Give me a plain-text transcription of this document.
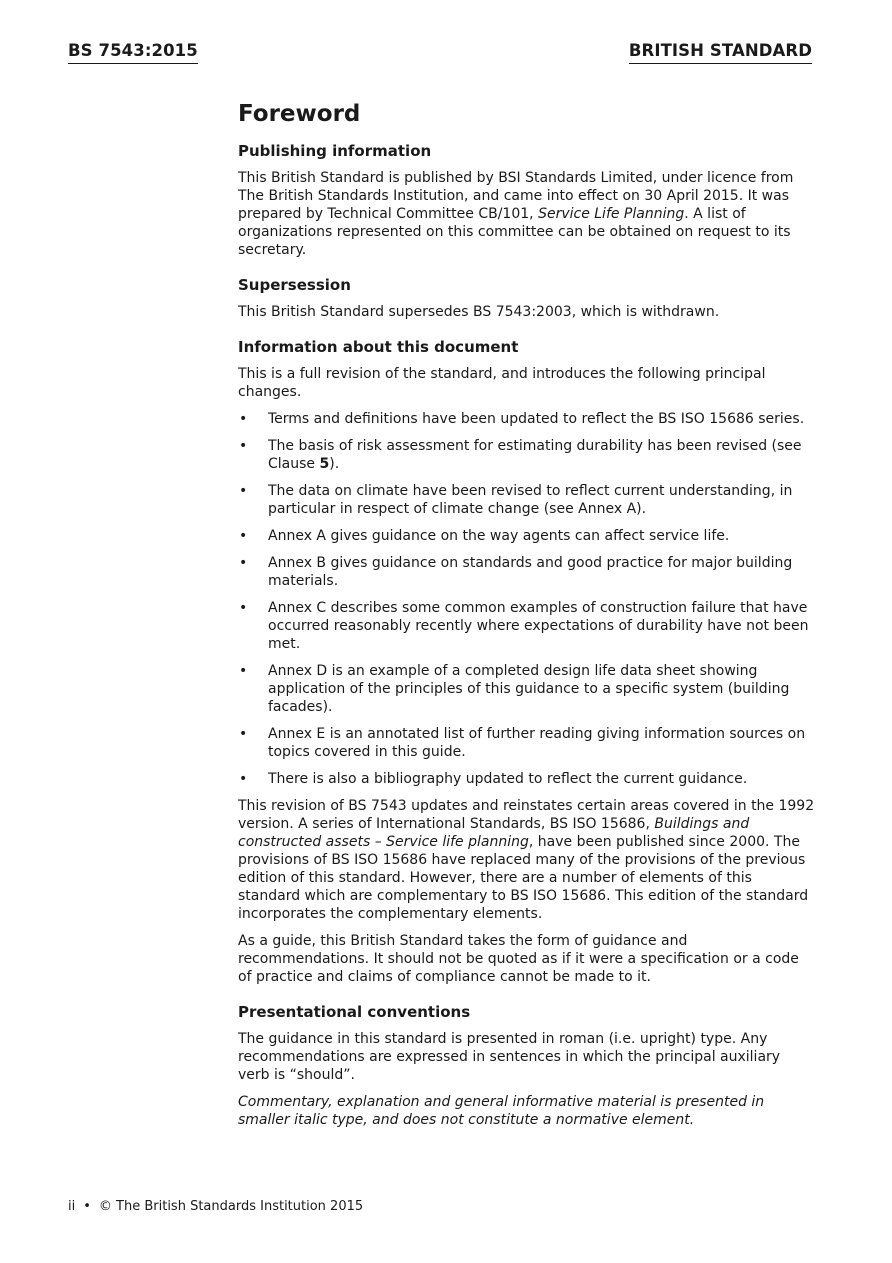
BS 7543:2015	BRITISH STANDARD
Foreword
Publishing information

This British Standard is published by BSI Standards Limited, under licence from The British Standards Institution, and came into effect on 30 April 2015. It was prepared by Technical Committee CB/101, Service Life Planning. A list of organizations represented on this committee can be obtained on request to its secretary.

Supersession

This British Standard supersedes BS 7543:2003, which is withdrawn.

Information about this document

This is a full revision of the standard, and introduces the following principal changes.

• Terms and definitions have been updated to reflect the BS ISO 15686 series.
• The basis of risk assessment for estimating durability has been revised (see Clause 5).
• The data on climate have been revised to reflect current understanding, in particular in respect of climate change (see Annex A).
• Annex A gives guidance on the way agents can affect service life.
• Annex B gives guidance on standards and good practice for major building materials.
• Annex C describes some common examples of construction failure that have occurred reasonably recently where expectations of durability have not been met.
• Annex D is an example of a completed design life data sheet showing application of the principles of this guidance to a specific system (building facades).
• Annex E is an annotated list of further reading giving information sources on topics covered in this guide.
• There is also a bibliography updated to reflect the current guidance.

This revision of BS 7543 updates and reinstates certain areas covered in the 1992 version. A series of International Standards, BS ISO 15686, Buildings and constructed assets – Service life planning, have been published since 2000. The provisions of BS ISO 15686 have replaced many of the provisions of the previous edition of this standard. However, there are a number of elements of this standard which are complementary to BS ISO 15686. This edition of the standard incorporates the complementary elements.

As a guide, this British Standard takes the form of guidance and recommendations. It should not be quoted as if it were a specification or a code of practice and claims of compliance cannot be made to it.

Presentational conventions

The guidance in this standard is presented in roman (i.e. upright) type. Any recommendations are expressed in sentences in which the principal auxiliary verb is “should”.

Commentary, explanation and general informative material is presented in smaller italic type, and does not constitute a normative element.

ii • © The British Standards Institution 2015
